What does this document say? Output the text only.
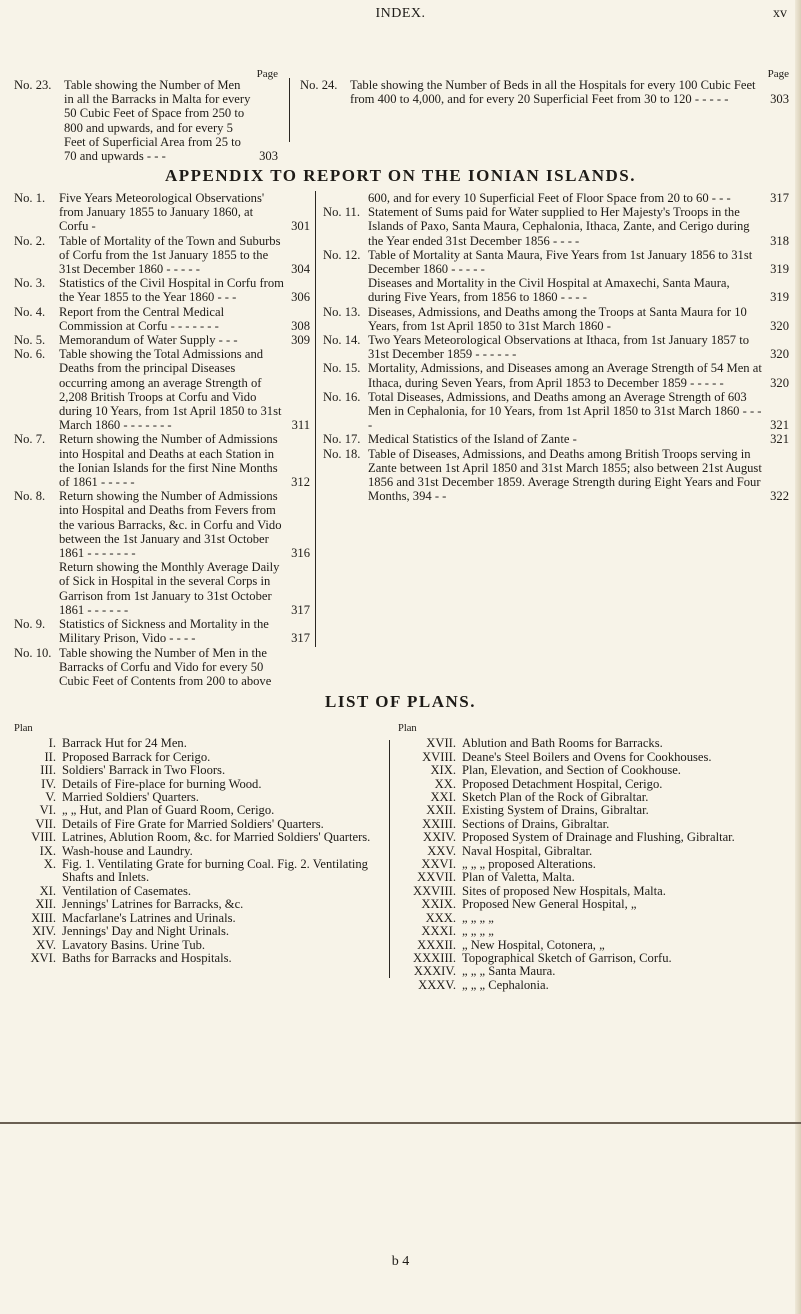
INDEX.	xv
Page	Page
No. 23. Table showing the Number of Men in all the Barracks in Malta for every 50 Cubic Feet of Space from 250 to 800 and upwards, and for every 5 Feet of Superficial Area from 25 to 70 and upwards - - -	303
No. 24. Table showing the Number of Beds in all the Hospitals for every 100 Cubic Feet from 400 to 4,000, and for every 20 Superficial Feet from 30 to 120 - - - - -	303
APPENDIX TO REPORT ON THE IONIAN ISLANDS.
No. 1.	Five Years Meteorological Observations' from January 1855 to January 1860, at Corfu -	301
No. 2.	Table of Mortality of the Town and Suburbs of Corfu from the 1st January 1855 to the 31st December 1860 - - - - -	304
No. 3.	Statistics of the Civil Hospital in Corfu from the Year 1855 to the Year 1860 - - -	306
No. 4.	Report from the Central Medical Commission at Corfu - - - - - - -	308
No. 5.	Memorandum of Water Supply - - -	309
No. 6.	Table showing the Total Admissions and Deaths from the principal Diseases occurring among an average Strength of 2,208 British Troops at Corfu and Vido during 10 Years, from 1st April 1850 to 31st March 1860 - - - - - - -	311
No. 7.	Return showing the Number of Admissions into Hospital and Deaths at each Station in the Ionian Islands for the first Nine Months of 1861 - - - - -	312
No. 8.	Return showing the Number of Admissions into Hospital and Deaths from Fevers from the various Barracks, &c. in Corfu and Vido between the 1st January and 31st October 1861 - - - - - - -	316
Return showing the Monthly Average Daily of Sick in Hospital in the several Corps in Garrison from 1st January to 31st October 1861 - - - - - -	317
No. 9.	Statistics of Sickness and Mortality in the Military Prison, Vido - - - -	317
No. 10. Table showing the Number of Men in the Barracks of Corfu and Vido for every 50 Cubic Feet of Contents from 200 to above
600, and for every 10 Superficial Feet of Floor Space from 20 to 60 - - -	317
No. 11. Statement of Sums paid for Water supplied to Her Majesty's Troops in the Islands of Paxo, Santa Maura, Cephalonia, Ithaca, Zante, and Cerigo during the Year ended 31st December 1856 - - - -	318
No. 12. Table of Mortality at Santa Maura, Five Years from 1st January 1856 to 31st December 1860 - - - - -	319
Diseases and Mortality in the Civil Hospital at Amaxechi, Santa Maura, during Five Years, from 1856 to 1860 - - - -	319
No. 13. Diseases, Admissions, and Deaths among the Troops at Santa Maura for 10 Years, from 1st April 1850 to 31st March 1860 -	320
No. 14. Two Years Meteorological Observations at Ithaca, from 1st January 1857 to 31st December 1859 - - - - - -	320
No. 15. Mortality, Admissions, and Diseases among an Average Strength of 54 Men at Ithaca, during Seven Years, from April 1853 to December 1859 - - - - -	320
No. 16. Total Diseases, Admissions, and Deaths among an Average Strength of 603 Men in Cephalonia, for 10 Years, from 1st April 1850 to 31st March 1860 - - - -	321
No. 17. Medical Statistics of the Island of Zante -	321
No. 18. Table of Diseases, Admissions, and Deaths among British Troops serving in Zante between 1st April 1850 and 31st March 1855; also between 21st August 1856 and 31st December 1859. Average Strength during Eight Years and Four Months, 394 - -	322
LIST OF PLANS.
Plan
I. Barrack Hut for 24 Men.
II. Proposed Barrack for Cerigo.
III. Soldiers' Barrack in Two Floors.
IV. Details of Fire-place for burning Wood.
V. Married Soldiers' Quarters.
VI. „ „ Hut, and Plan of Guard Room, Cerigo.
VII. Details of Fire Grate for Married Soldiers' Quarters.
VIII. Latrines, Ablution Room, &c. for Married Soldiers' Quarters.
IX. Wash-house and Laundry.
X. Fig. 1. Ventilating Grate for burning Coal. Fig. 2. Ventilating Shafts and Inlets.
XI. Ventilation of Casemates.
XII. Jennings' Latrines for Barracks, &c.
XIII. Macfarlane's Latrines and Urinals.
XIV. Jennings' Day and Night Urinals.
XV. Lavatory Basins. Urine Tub.
XVI. Baths for Barracks and Hospitals.
Plan
XVII. Ablution and Bath Rooms for Barracks.
XVIII. Deane's Steel Boilers and Ovens for Cookhouses.
XIX. Plan, Elevation, and Section of Cookhouse.
XX. Proposed Detachment Hospital, Cerigo.
XXI. Sketch Plan of the Rock of Gibraltar.
XXII. Existing System of Drains, Gibraltar.
XXIII. Sections of Drains, Gibraltar.
XXIV. Proposed System of Drainage and Flushing, Gibraltar.
XXV. Naval Hospital, Gibraltar.
XXVI. „ „ „ proposed Alterations.
XXVII. Plan of Valetta, Malta.
XXVIII. Sites of proposed New Hospitals, Malta.
XXIX. Proposed New General Hospital, „
XXX. „ „ „ „
XXXI. „ „ „ „
XXXII. „ New Hospital, Cotonera, „
XXXIII. Topographical Sketch of Garrison, Corfu.
XXXIV. „ „ „ Santa Maura.
XXXV. „ „ „ Cephalonia.
b 4
